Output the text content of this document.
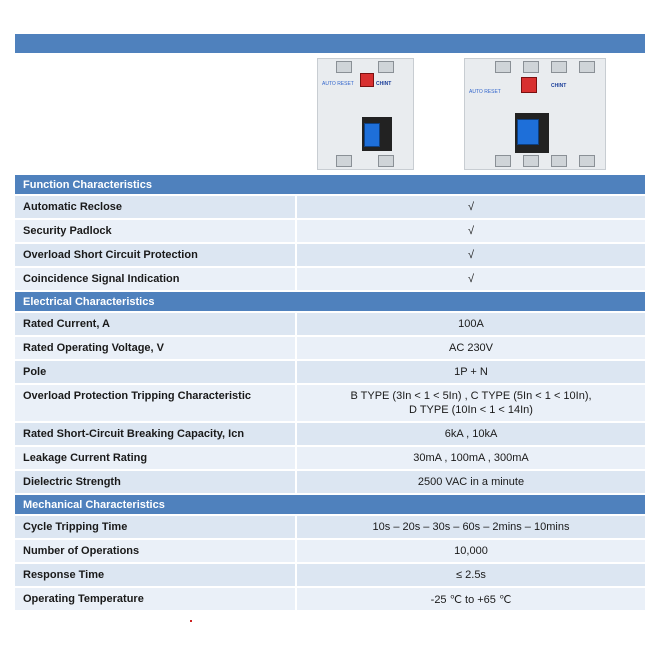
AUTO RESET	CHINT
AUTO RESET
CHINT
Function Characteristics
Automatic Reclose	√
Security Padlock	√
Overload Short Circuit Protection	√
Coincidence Signal Indication	√
Electrical Characteristics
Rated Current, A	100A
Rated Operating Voltage, V	AC 230V
Pole	1P + N
Overload Protection Tripping Characteristic	B TYPE (3In < 1 < 5In) , C TYPE (5In < 1 < 10In),
D TYPE (10In < 1 < 14In)
Rated Short-Circuit Breaking Capacity, Icn	6kA , 10kA
Leakage Current Rating	30mA , 100mA , 300mA
Dielectric Strength	2500 VAC in a minute
Mechanical Characteristics
Cycle Tripping Time	10s – 20s – 30s – 60s – 2mins – 10mins
Number of Operations	10,000
Response Time	≤ 2.5s
Operating Temperature	-25 ℃ to +65 ℃
